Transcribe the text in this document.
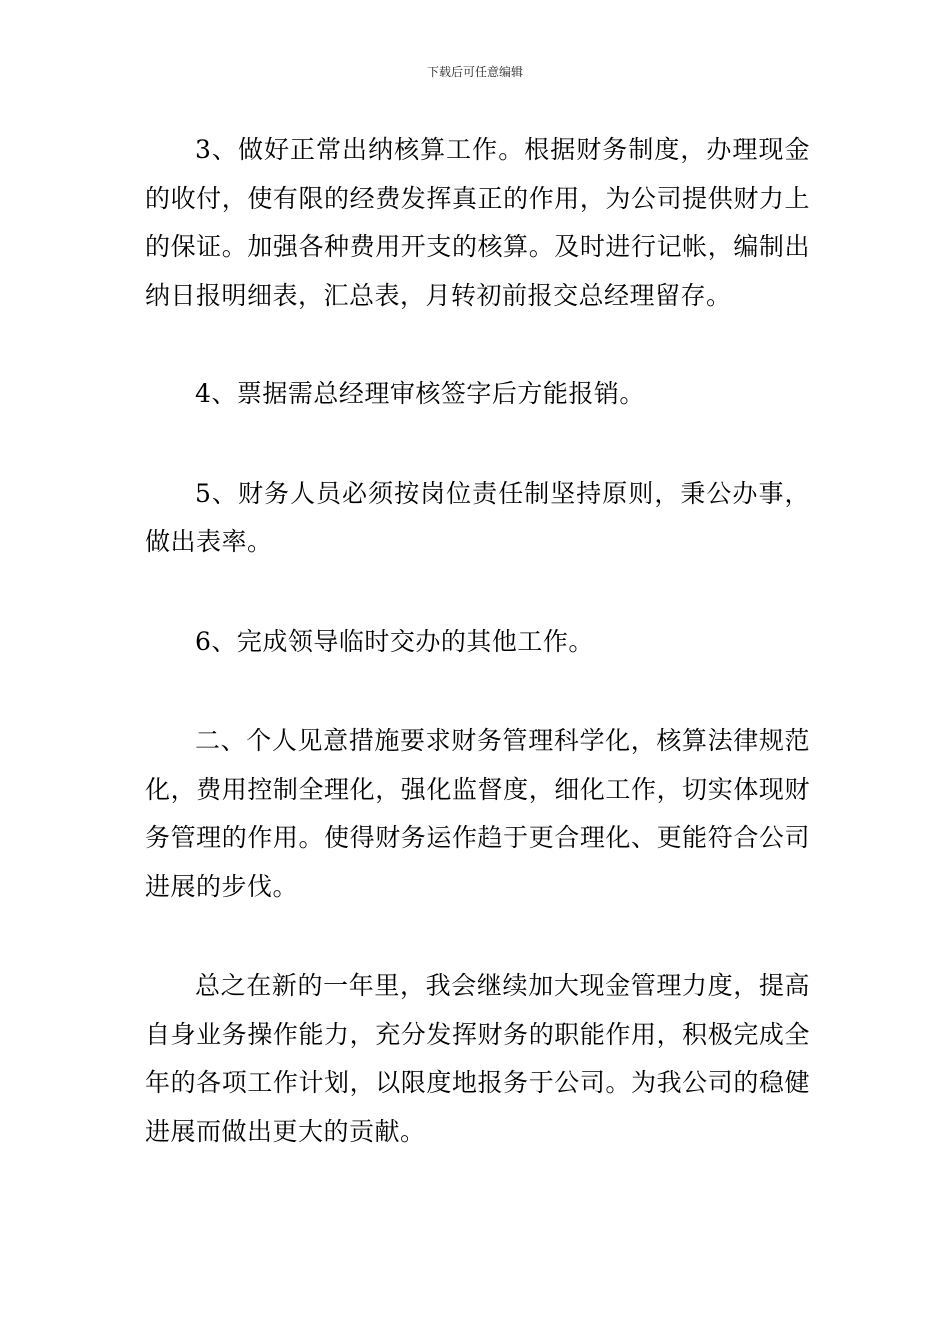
下载后可任意编辑

3、做好正常出纳核算工作。根据财务制度，办理现金的收付，使有限的经费发挥真正的作用，为公司提供财力上的保证。加强各种费用开支的核算。及时进行记帐，编制出纳日报明细表，汇总表，月转初前报交总经理留存。

4、票据需总经理审核签字后方能报销。

5、财务人员必须按岗位责任制坚持原则，秉公办事，做出表率。

6、完成领导临时交办的其他工作。

二、个人见意措施要求财务管理科学化，核算法律规范化，费用控制全理化，强化监督度，细化工作，切实体现财务管理的作用。使得财务运作趋于更合理化、更能符合公司进展的步伐。

总之在新的一年里，我会继续加大现金管理力度，提高自身业务操作能力，充分发挥财务的职能作用，积极完成全年的各项工作计划，以限度地报务于公司。为我公司的稳健进展而做出更大的贡献。
